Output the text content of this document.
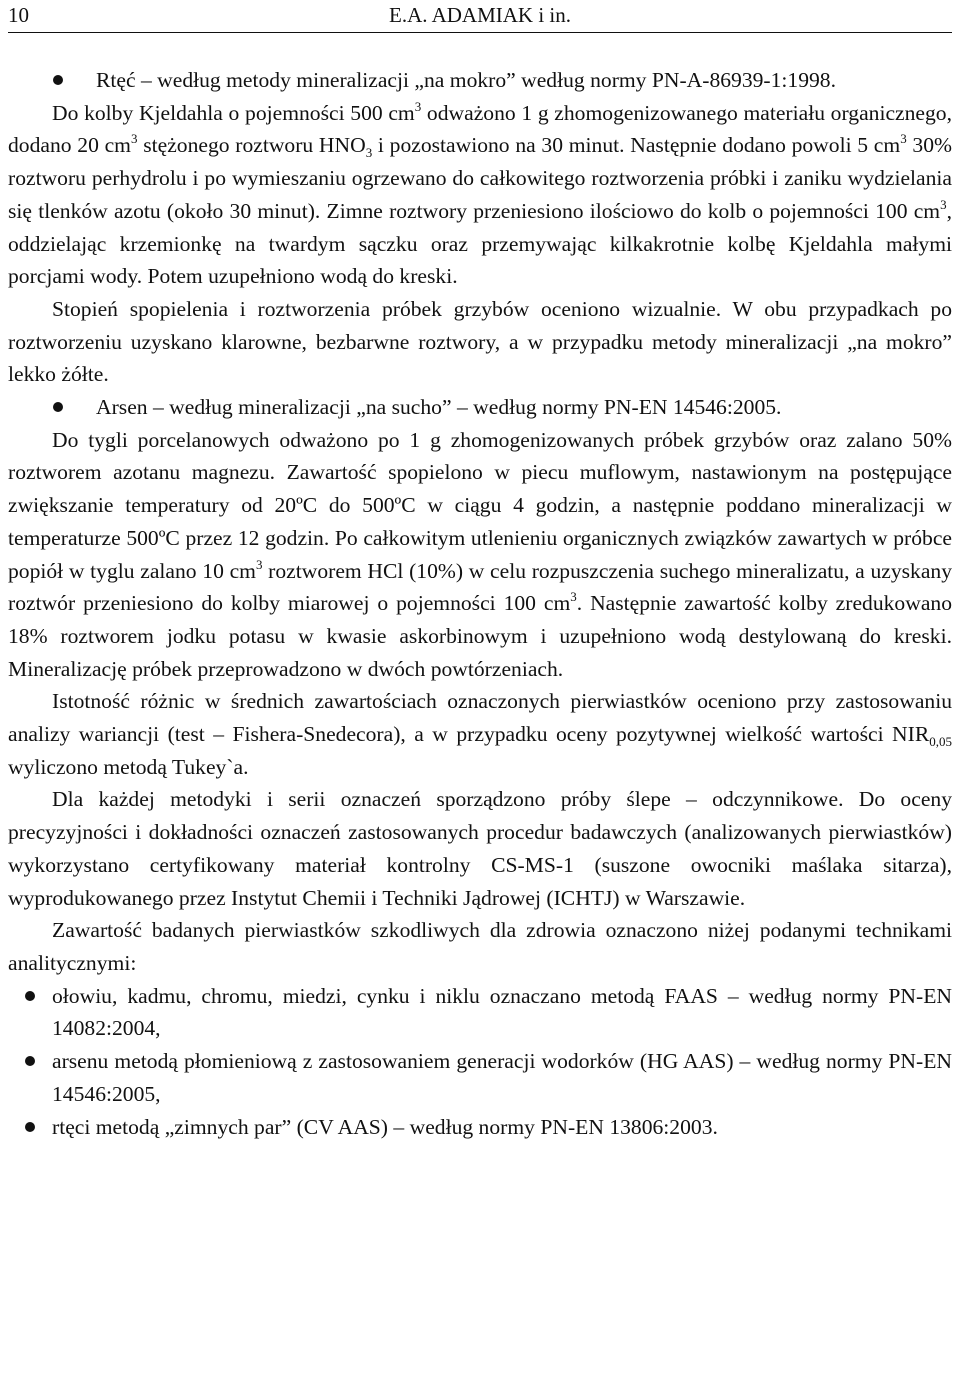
10	E.A. ADAMIAK i in.

Rtęć – według metody mineralizacji „na mokro” według normy PN-A-86939-1:1998.

Do kolby Kjeldahla o pojemności 500 $cm^3$ odważono 1 g zhomogenizowanego materiału organicznego, dodano 20 $cm^3$ stężonego roztworu $HNO_3$ i pozostawiono na 30 minut. Następnie dodano powoli 5 $cm^3$ 30% roztworu perhydrolu i po wymieszaniu ogrzewano do całkowitego roztworzenia próbki i zaniku wydzielania się tlenków azotu (około 30 minut). Zimne roztwory przeniesiono ilościowo do kolb o pojemności 100 $cm^3$, oddzielając krzemionkę na twardym sączku oraz przemywając kilkakrotnie kolbę Kjeldahla małymi porcjami wody. Potem uzupełniono wodą do kreski.

Stopień spopielenia i roztworzenia próbek grzybów oceniono wizualnie. W obu przypadkach po roztworzeniu uzyskano klarowne, bezbarwne roztwory, a w przypadku metody mineralizacji „na mokro” lekko żółte.

Arsen – według mineralizacji „na sucho” – według normy PN-EN 14546:2005.

Do tygli porcelanowych odważono po 1 g zhomogenizowanych próbek grzybów oraz zalano 50% roztworem azotanu magnezu. Zawartość spopielono w piecu muflowym, nastawionym na postępujące zwiększanie temperatury od 20ºC do 500ºC w ciągu 4 godzin, a następnie poddano mineralizacji w temperaturze 500ºC przez 12 godzin. Po całkowitym utlenieniu organicznych związków zawartych w próbce popiół w tyglu zalano 10 $cm^3$ roztworem HCl (10%) w celu rozpuszczenia suchego mineralizatu, a uzyskany roztwór przeniesiono do kolby miarowej o pojemności 100 $cm^3$. Następnie zawartość kolby zredukowano 18% roztworem jodku potasu w kwasie askorbinowym i uzupełniono wodą destylowaną do kreski. Mineralizację próbek przeprowadzono w dwóch powtórzeniach.

Istotność różnic w średnich zawartościach oznaczonych pierwiastków oceniono przy zastosowaniu analizy wariancji (test – Fishera-Snedecora), a w przypadku oceny pozytywnej wielkość wartości $NIR_{0,05}$ wyliczono metodą Tukey`a.

Dla każdej metodyki i serii oznaczeń sporządzono próby ślepe – odczynnikowe. Do oceny precyzyjności i dokładności oznaczeń zastosowanych procedur badawczych (analizowanych pierwiastków) wykorzystano certyfikowany materiał kontrolny CS-MS-1 (suszone owocniki maślaka sitarza), wyprodukowanego przez Instytut Chemii i Techniki Jądrowej (ICHTJ) w Warszawie.

Zawartość badanych pierwiastków szkodliwych dla zdrowia oznaczono niżej podanymi technikami analitycznymi:

ołowiu, kadmu, chromu, miedzi, cynku i niklu oznaczano metodą FAAS – według normy PN-EN 14082:2004,

arsenu metodą płomieniową z zastosowaniem generacji wodorków (HG AAS) – według normy PN-EN 14546:2005,

rtęci metodą „zimnych par” (CV AAS) – według normy PN-EN 13806:2003.
